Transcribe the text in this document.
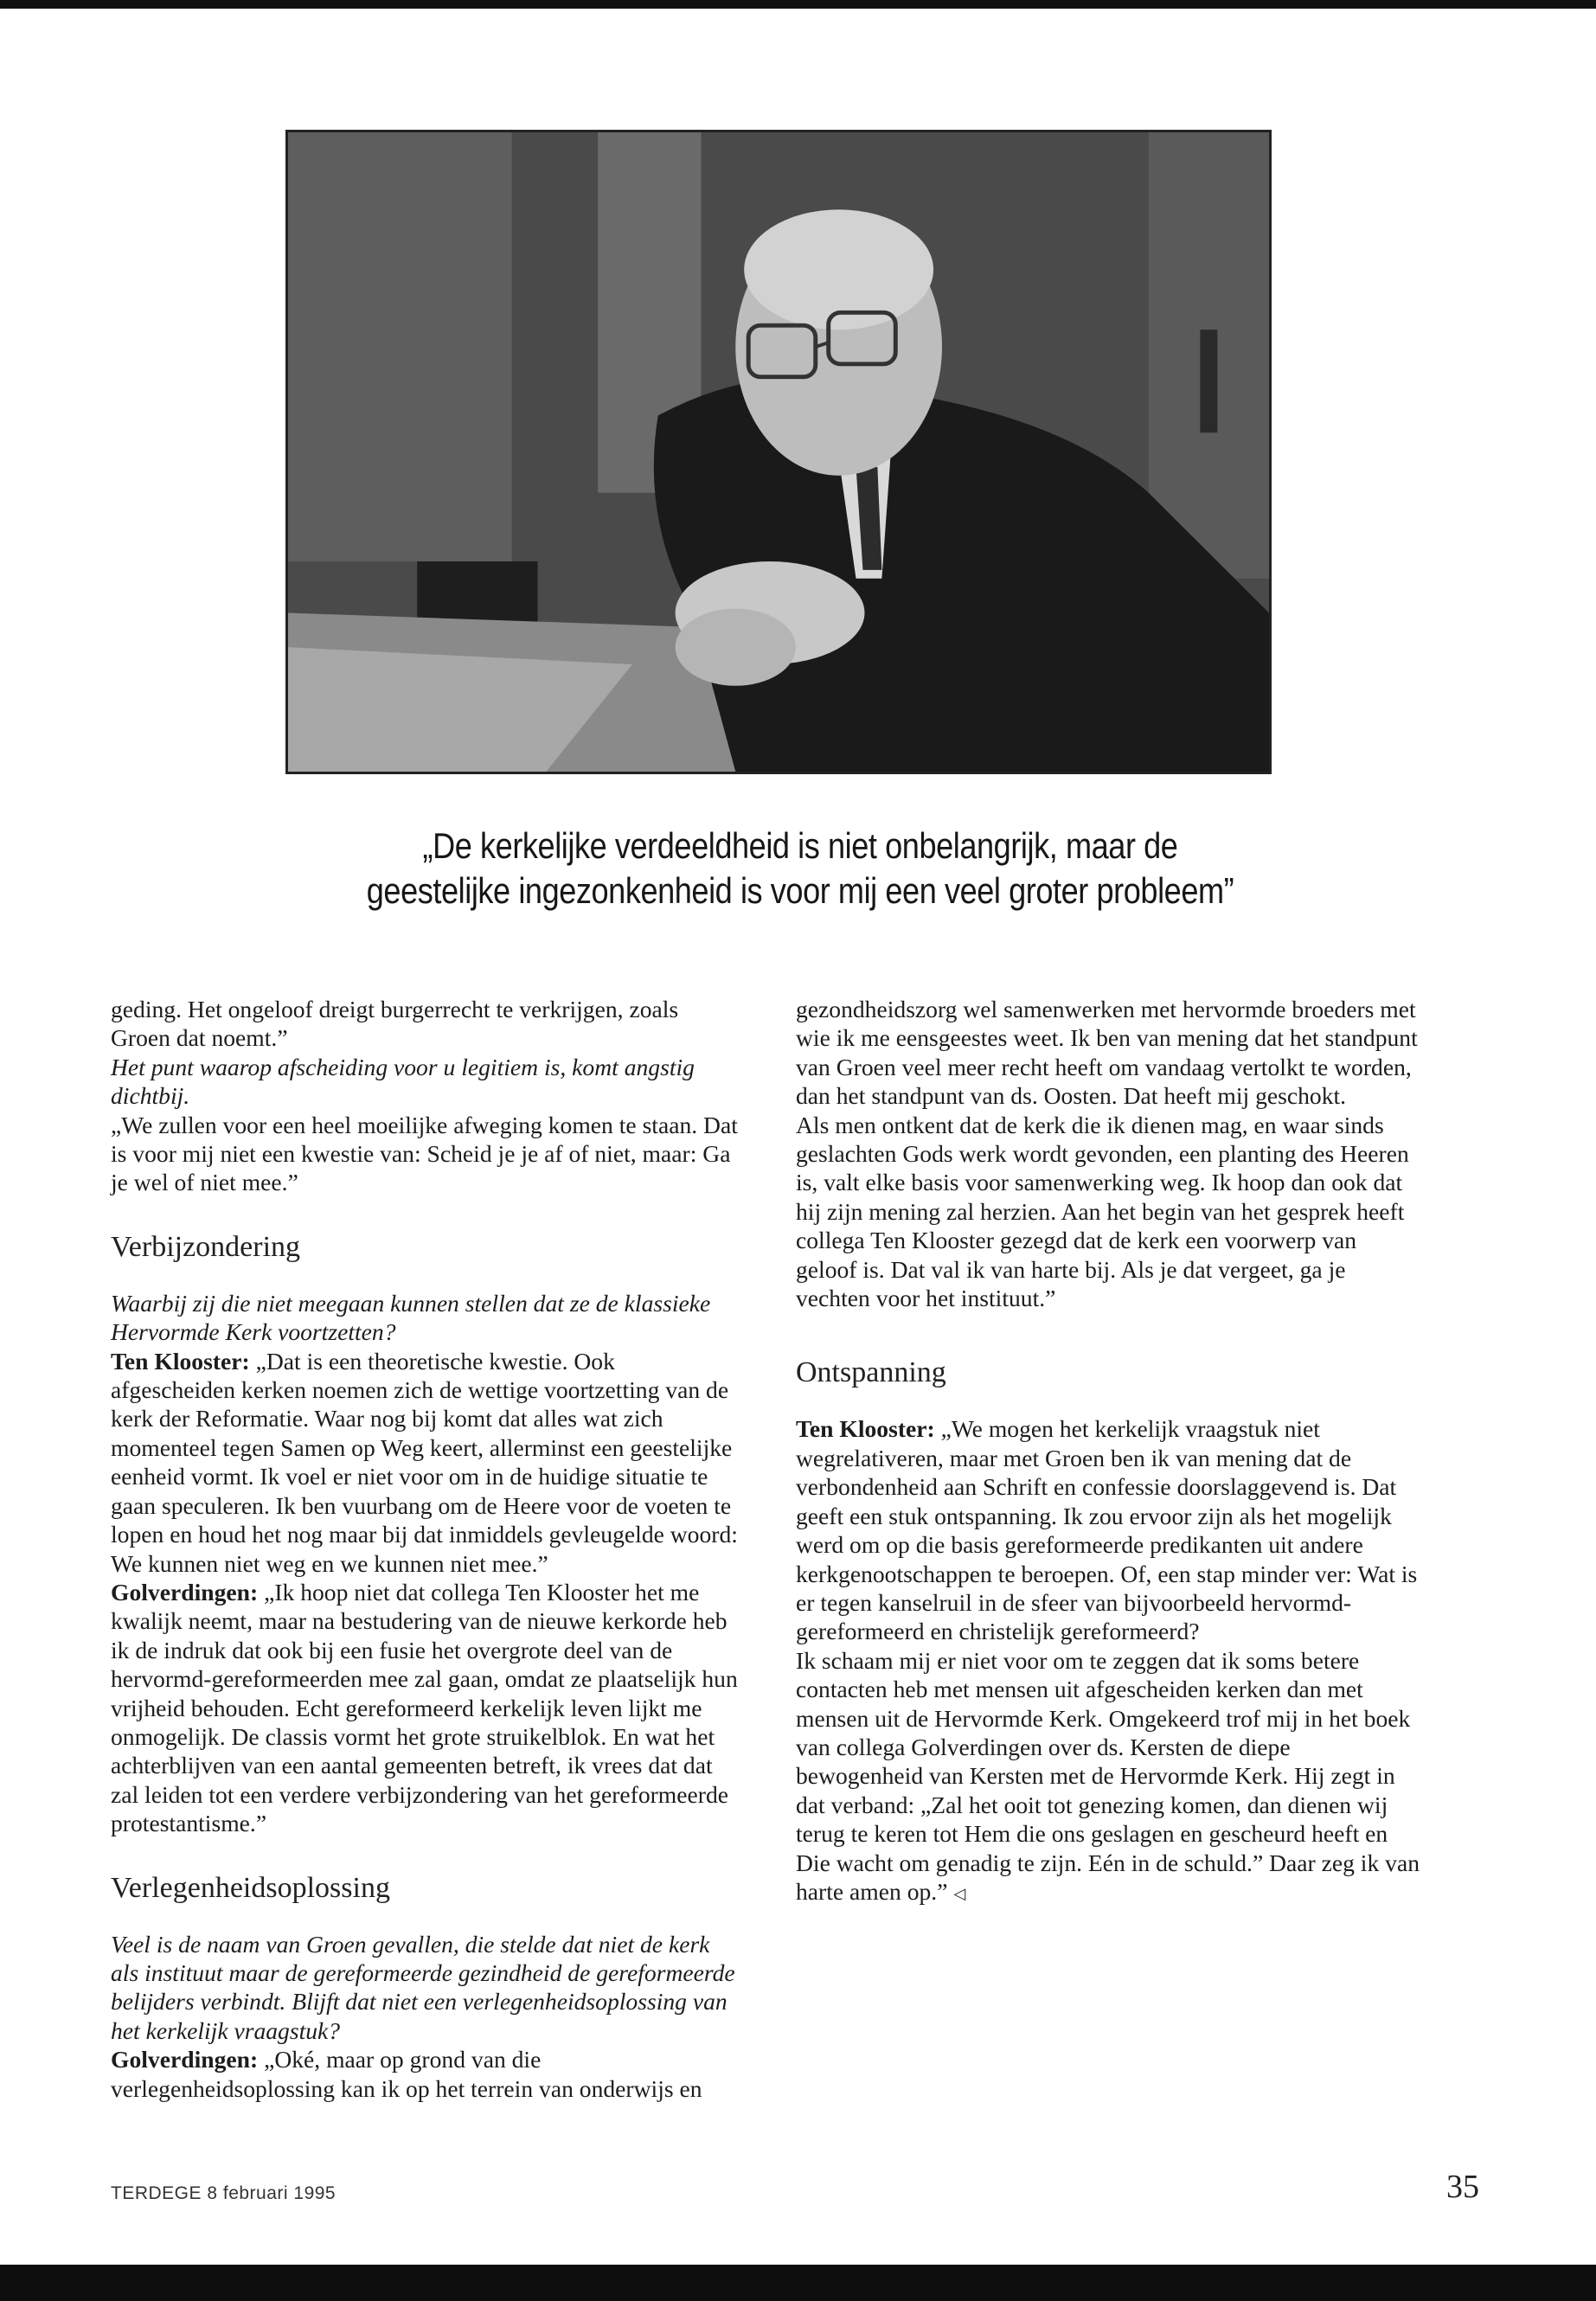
„De kerkelijke verdeeldheid is niet onbelangrijk, maar de
geestelijke ingezonkenheid is voor mij een veel groter probleem”

geding. Het ongeloof dreigt burgerrecht te verkrijgen, zoals Groen dat noemt.”

Het punt waarop afscheiding voor u legitiem is, komt angstig dichtbij.

„We zullen voor een heel moeilijke afweging komen te staan. Dat is voor mij niet een kwestie van: Scheid je je af of niet, maar: Ga je wel of niet mee.”

Verbijzondering

Waarbij zij die niet meegaan kunnen stellen dat ze de klassieke Hervormde Kerk voortzetten?

Ten Klooster: „Dat is een theoretische kwestie. Ook afgescheiden kerken noemen zich de wettige voortzetting van de kerk der Reformatie. Waar nog bij komt dat alles wat zich momenteel tegen Samen op Weg keert, allerminst een geestelijke eenheid vormt. Ik voel er niet voor om in de huidige situatie te gaan speculeren. Ik ben vuurbang om de Heere voor de voeten te lopen en houd het nog maar bij dat inmiddels gevleugelde woord: We kunnen niet weg en we kunnen niet mee.”

Golverdingen: „Ik hoop niet dat collega Ten Klooster het me kwalijk neemt, maar na bestudering van de nieuwe kerkorde heb ik de indruk dat ook bij een fusie het overgrote deel van de hervormd-gereformeerden mee zal gaan, omdat ze plaatselijk hun vrijheid behouden. Echt gereformeerd kerkelijk leven lijkt me onmogelijk. De classis vormt het grote struikelblok. En wat het achterblijven van een aantal gemeenten betreft, ik vrees dat dat zal leiden tot een verdere verbijzondering van het gereformeerde protestantisme.”

Verlegenheidsoplossing

Veel is de naam van Groen gevallen, die stelde dat niet de kerk als instituut maar de gereformeerde gezindheid de gereformeerde belijders verbindt. Blijft dat niet een verlegenheidsoplossing van het kerkelijk vraagstuk?

Golverdingen: „Oké, maar op grond van die verlegenheidsoplossing kan ik op het terrein van onderwijs en

gezondheidszorg wel samenwerken met hervormde broeders met wie ik me eensgeestes weet. Ik ben van mening dat het standpunt van Groen veel meer recht heeft om vandaag vertolkt te worden, dan het standpunt van ds. Oosten. Dat heeft mij geschokt.

Als men ontkent dat de kerk die ik dienen mag, en waar sinds geslachten Gods werk wordt gevonden, een planting des Heeren is, valt elke basis voor samenwerking weg. Ik hoop dan ook dat hij zijn mening zal herzien. Aan het begin van het gesprek heeft collega Ten Klooster gezegd dat de kerk een voorwerp van geloof is. Dat val ik van harte bij. Als je dat vergeet, ga je vechten voor het instituut.”

Ontspanning

Ten Klooster: „We mogen het kerkelijk vraagstuk niet wegrelativeren, maar met Groen ben ik van mening dat de verbondenheid aan Schrift en confessie doorslaggevend is. Dat geeft een stuk ontspanning. Ik zou ervoor zijn als het mogelijk werd om op die basis gereformeerde predikanten uit andere kerkgenootschappen te beroepen. Of, een stap minder ver: Wat is er tegen kanselruil in de sfeer van bijvoorbeeld hervormd-gereformeerd en christelijk gereformeerd?

Ik schaam mij er niet voor om te zeggen dat ik soms betere contacten heb met mensen uit afgescheiden kerken dan met mensen uit de Hervormde Kerk. Omgekeerd trof mij in het boek van collega Golverdingen over ds. Kersten de diepe bewogenheid van Kersten met de Hervormde Kerk. Hij zegt in dat verband: „Zal het ooit tot genezing komen, dan dienen wij terug te keren tot Hem die ons geslagen en gescheurd heeft en Die wacht om genadig te zijn. Eén in de schuld.” Daar zeg ik van harte amen op.” ◁

TERDEGE 8 februari 1995	35
